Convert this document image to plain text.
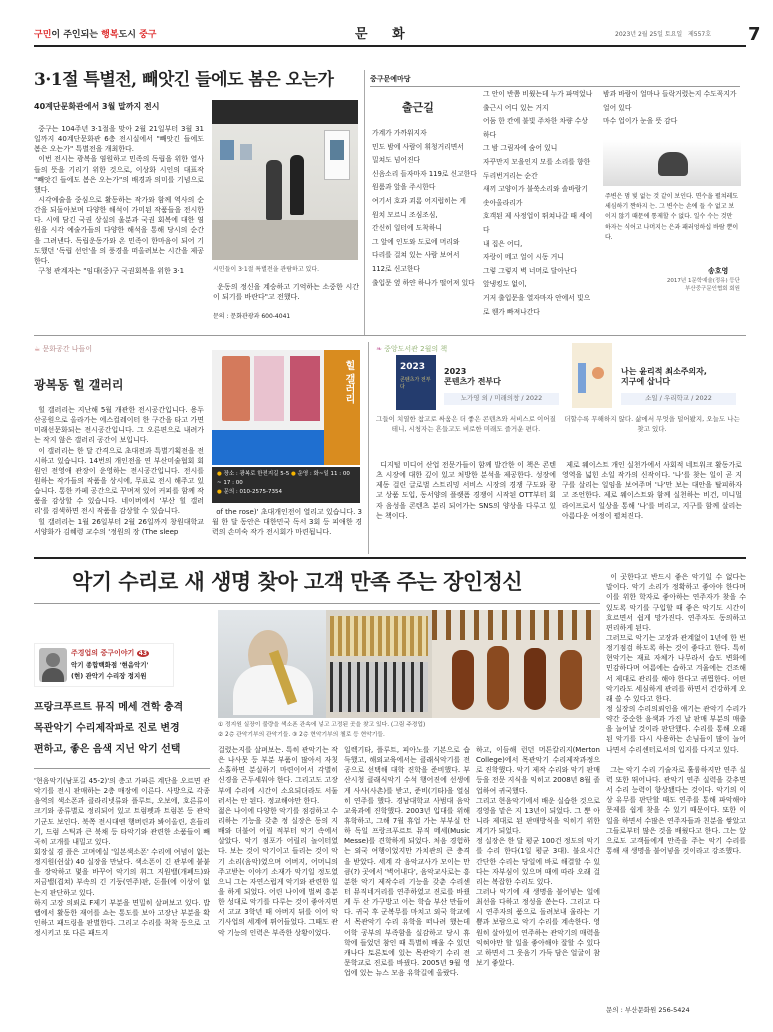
구민이 주인되는 행복도시 중구	문 화	2023년 2월 25일 토요일 제557호 7
3·1절 특별전, 빼앗긴 들에도 봄은 오는가
40계단문화관에서 3월 말까지 전시

중구는 104주년 3·1절을 맞아 2월 21일부터 3월 31일까지 40계단문화관 6층 전시실에서 "빼앗긴 들에도 봄은 오는가" 특별전을 개최한다.

이번 전시는 광복을 염원하고 민족의 독립을 위한 열사들의 뜻을 기리기 위한 것으로, 이상화 시인의 대표작 "빼앗긴 들에도 봄은 오는가"의 배경과 의미를 기념으로 했다.

시각예술을 중심으로 활동하는 작가와 함께 역사의 순간을 되돌아보며 다양한 해석이 가미된 작품들을 전시한다. 시에 담긴 국권 상실의 울분과 국권 회복에 대한 염원을 시각 예술가들의 다양한 해석을 통해 당시의 순간을 그려낸다. 독립운동가와 온 민족이 한마음이 되어 기도했던 '독립 선언'을 의 풍경을 떠올려보는 시간을 제공한다.

구청 관계자는 "임대(중)구 국권회복을 위한 3·1	시민들이 3·1절 특별전을 관람하고 있다.

운동의 정신을 계승하고 기억하는 소중한 시간이 되기를 바란다"고 전했다.

문의 : 문화관광과 600-4041
중구문예마당
출근길
가계가 가까워지자
민도 밤에 사람이 휘청거리면서
밀쳐도 넘어진다
신음소리 들자마자 119로 신고한다
원룸과 앞을 주시한다
여기서 호과 괴롬 어지럽히는 게
원치 모르니 조심조심,
간신히 일터에 도착하니
그 앞에 인도와 도로에 머리와
다리를 걸쳐 있는 사람 보여서
112로 신고한다
출입문 옆 하얀 하나가 떨어져 있다
그 안이 반쯤 비웠는데 누가 파먹었나
출근시 어디 있는 거지
어둠 한 칸에 불빛 주차한 차량 수상하다
그 밤 그림자에 숨어 있니
자꾸만지 모을인지 모를 소리를 향한 두리번거리는 순간
새끼 고양이가 불쑥소리와 솔바람기 솟아올라리가
호객된 제 사정업이 뛰쳐나갈 때 세이다
내 집은 어디,
자랑이 메고 얼이 시동 거니
그렇 그렇지 벽 너머로 달아난다
앞냉킹도 없이,
거저 출입문을 열자마자 안에서 빛으로 웬가 빠져나간다
밤과 바람이 얼마나 들락거렸는지 수도꼭지가 얼어 있다
마수 업이가 눈을 뜻 감다
주변은 멈 빛 없는 것 같이 보인다. 면수을 펼쳐레도 세심하기 짠하지 는. 그 변수는 손에 들 수 없고 보이지 않기 때문에 통제할 수 없다. 일수 수는 것만 하자는 식어고 나머지는 은과 패러엉하십 바람 뿐이다.
송호영
2017년 1문학예술(정유) 등단
부산중구문인협회 회원
☕ 문화공간 나들이
광복동 힐 갤러리

힐 갤러리는 지난해 5월 개관한 전시공간입니다. 용두산공원으로 올라가는 에스컬레이터 한 구간을 타고 가면 미래선문화되는 전시공간입니다. 그 오른편으로 내려가는 작지 않은 갤러리 공간이 보입니다.

이 갤러리는 한 달 간격으로 초대전과 특별기획전을 전시하고 있습니다. 14번의 개인전을 연 부산미술협회 회원인 전영애 관장이 운영하는 전시공간입니다. 전시를 원하는 작가들의 작품을 상시에, 무료로 전시 해주고 있습니다. 통한 카페 공간으로 꾸며져 있어 커피를 함께 작품을 감상할 수 있습니다. 네이버에서 '부산 힐 갤러리'를 검색하면 전시 작품을 감상할 수 있습니다.

힐 갤러리는 1월 26일부터 2월 26일까지 창원대학교 서양화가 김혜령 교수의 '정원의 장 (The sleep

힐 갤러리
● 장소 : 광복로 한전지길 5-5 ● 운영 : 화~일 11 : 00 ~ 17 : 00
● 문의 : 010-2575-7354

of the rose)' 초대개인전이 열리고 있습니다. 3월 한 달 동안은 대한민국 독서 3회 등 피애한 경력의 손미숙 작가 전시회가 마련됩니다.

❧ 중앙도서관 2월의 책
2023
콘텐츠가 전부다
2023
콘텐츠가 전부다
노가영 외 / 미래의창 / 2022
그들이 치열한 참고로 싸움은 더 좋은 콘텐츠와 서비스로 이어질 테니, 시청자는 흔들고도 비로한 미래도 즐거운 편다.

디지털 미디어 산업 전문가들이 함께 발간한 이 책은 콘텐츠 시장에 대한 깊이 있고 처방한 분석을 제공한다. 성장에 제동 걸린 글로벌 스트리밍 서비스 시장의 경쟁 구도와 광고 상품 도입, 동서양의 플랫폼 경쟁이 시작된 OTT부터 회자 음성을 콘텐츠 분리 되어가는 SNS의 양상을 다루고 있는 책이다.

나는 윤리적 최소주의자,
지구에 삽니다
소일 / 우리학교 / 2022
더할수록 무해하지 않다. 삶에서 무엇을 덜어봤지, 오늘도 나는 찾고 있다.

제로 웨이스트 개인 실천가에서 사회적 네트워크 활동가로 영역을 넓힌 소일 작가의 신작이다. '나'를 찾는 일이 곧 지구를 살리는 일임을 보여주며 '나'만 보는 대안을 탈피하자고 조언한다. 제로 웨이스트와 함께 실천하는 비건, 미니멀 라이프로서 일상을 통해 '나'를 버리고, 지구를 함께 살리는 아름다운 여정이 펼쳐진다.

악기 수리로 새 생명 찾아 고객 만족 주는 장인정신
주경업의 중구이야기 43
악기 종합백화점 '현음악기'
(현) 관악기 수리장 정지원
프랑크푸르트 뮤직 메세 견학 충격
목관악기 수리제작파로 진로 변경
편하고, 좋은 음색 지닌 악기 선택
'현음악기(남포길 45-2)'의 층고 가파른 계단을 오르면 관악기를 전시 판매하는 2층 매장에 이른다. 사방으로 각종 음역의 색소폰과 클라리넷류와 플루트, 오보에, 호른류이 크기와 종류별로 정리되어 있고 트럼펫과 트럼본 등 관악기군도 보인다. 북쪽 전시대엔 행버린과 봐이올린, 흔들리기, 드럼 스틱과 큰 북채 등 타악기와 관련한 소품들이 빼곡히 고개를 내밀고 있다.
회장실 겸 플은 고며에실 '일본색소폰' 수리에 여념이 없는 정지원(쉰살) 40 실장을 만났다. 색소폰이 긴 관부에 붙붙을 장악하고 몇을 바꾸어 악기의 휘그 지원밸(개폐드)와 저금밸(겹쳐) 부속의 긴 기둥(연주)판, 돈틀(에 이상이 없는지 판단하고 있다.
하지 고장 의뢰로 F제기 부분을 면밀히 살펴보고 있다. 밥랩에서 활동한 재어를 쇼는 통도를 보아 고장난 부분을 확인하고 패드링을 판별한다. 그리고 수리를 착착 등으로 고정시키고 또 다른 패드지
① 정지원 실장이 불량을 색소폰 관속에 넣고 고정된 곳을 찾고 있다. (그림 주경업)
② 2층 관악기부의 관악기들. ③ 2층 현악기부의 첼로 등 현악기들.
걸렸는지를 살펴보는. 특히 관악기는 작은 나사못 등 부분 부품이 많아서 자칫 소홀하면 분실하기 마련이어서 각별히 신경을 곤두세워야 한다. 그리고도 고장부에 수리에 시간이 소요되더라도 서둘러서는 안 된다. 정교해야만 한다.
젊은 나이에 다양한 악기를 점검하고 수리하는 기능을 갖춘 정 실장은 동의 지배와 더불어 어릴 적부터 악기 속에서 살았다. 악기 점포가 어릴리 놀이터였다. 보는 것이 악기이고 들리는 것이 악기 소리(음악)였으며 어버지, 어머니의 주고받는 이야기 소재가 악기일 정도였으니 그는 자연스럽게 악기와 관련한 일을 하게 되었다. 어린 나이에 벌써 흥분한 성대로 악기를 다루는 것이 좋아지면서 고교 3학년 때 아버지 뒤를 이어 악기사업의 세계에 뛰어들었다. 그때도 관악 기능의 인력은 부족한 상황이었다.
일렉기타, 플루트, 피아노를 기본으로 습득했고, 해외교육에서는 클래식악기를 전공으로 선택해 대학 진학을 준비했다. 부산시청 클래식악기 수석 행어진에 선생에게 사사(사촌)를 받고, 준비(기타)을 열심히 연주를 했다. 경남대학교 사범대 음악교육과에 진학했다. 2003년 입대를 위해 휴학하고, 그해 7월 휴업 가는 부부실 탄하 독일 프랑크푸르트 뮤직 메세(Music Messe)를 견학하게 되었다. 처음 경험하는 외국 여행이었지만 가치관의 큰 충격을 받았다. 세계 각 음악교사가 모이는 만큼(?) 곳에서 '벽어내다', 음악교사로는 흥분한 악기 제작수리 기능을 갖춘 수리센터 뮤직네거리를 연주하였고 진로를 바꿨게 두 산 가구방고 이는 학습 부산 만들어다. 귀국 후 군복무를 마치고 외국 학교에서 목관악기 수리 유학을 떠나려 했는데 어학 공부의 부족함을 실감하고 당시 휴학에 들었던 참인 때 특별히 배울 수 있던 캐나다 토론토에 있는 목관악기 수리 전문학교로 진로를 바꿨다. 2005년 9월 영업에 있는 뉴스 모음 유학길에 올랐다.
하고, 이듬해 런던 머튼칼리지(Merton College)에서 목관악기 수리제작과정으로 진학했다. 악기 제작 수리와 악기 판매 등을 전문 지식을 익히고 2008년 8월 졸업하여 귀국했다.
그리고 현음악기에서 배운 실습한 것으로 경영을 맡은 지 13년이 되었다. 그 뿐 아니라 제대로 된 판매방식을 익히기 위한 계기가 되었다.
정 실장은 한 달 평균 100건 정도의 악기를 수리 한다(1일 평균 3대). 불요시간 간단한 수리는 당일에 바로 해결할 수 있다는 자부심이 있으며 때에 따라 오래 걸리는 복잡한 수리도 있다.
그러나 악기에 새 생명을 불어넣는 일에 최선을 다하고 정성을 쏟는다. 그리고 다시 연주자의 품으로 돌려보내 울라는 기쁨과 보람으로 악기 수리를 계속한다. 영원히 살아있어 연주하는 관악기의 매력을 익혀야만 할 일을 좋아해야 잘할 수 있다고 하면서 그 웃음기 가득 담은 얼굴이 참 보기 좋았다.

이 곳한다고 반드시 좋은 악기일 수 없다는 말이다. 악기 소리가 정확하고 좋아야 한다며 이를 위한 학자로 좋아하는 연주자가 찾을 수 있도록 악기를 구입할 때 좋은 악기도 시간이 흐르면서 쉽게 망가진다. 연주자도 동의하고 편리하게 된다.
그러므로 악기는 고장과 관계없이 1년에 한 번 정기점검 하도록 하는 것이 좋다고 한다. 특히 현악기는 재료 자체가 나무라서 습도 변화에 민감하다며 여름에는 습하고 겨울에는 건조해서 제대로 관리를 해야 한다고 귀띔한다. 어떤 악기라도 세심하게 관리를 하면서 건강하게 오래 쓸 수 있다고 한다.
정 실장의 수리의뢰인을 얘기는 관악기 수리가 약간 중순한 음색과 가진 날 판매 부분의 매출을 늘어날 것이라 판단했다. 수리를 통해 오래된 악기를 다시 사용하는 손님들이 많이 늘어나면서 수리센터로서의 입지를 다지고 있다.

그는 악기 수리 기술자로 훌륭하지만 연주 실력 또한 뛰어나다. 관악기 연주 실력을 갖추면서 수리 능력이 향상됐다는 것이다. 악기의 이상 유무를 판단할 때도 연주를 통해 파악해야 문제를 쉽게 찾을 수 있기 때문이다. 또한 이 일을 하면서 수많은 연주자들과 친분을 쌓았고 그들로부터 많은 것을 배웠다고 한다. 그는 앞으로도 고객들에게 만족을 주는 악기 수리를 통해 새 생명을 불어넣을 것이라고 강조했다.

문의 : 부산문화원 256-5424
